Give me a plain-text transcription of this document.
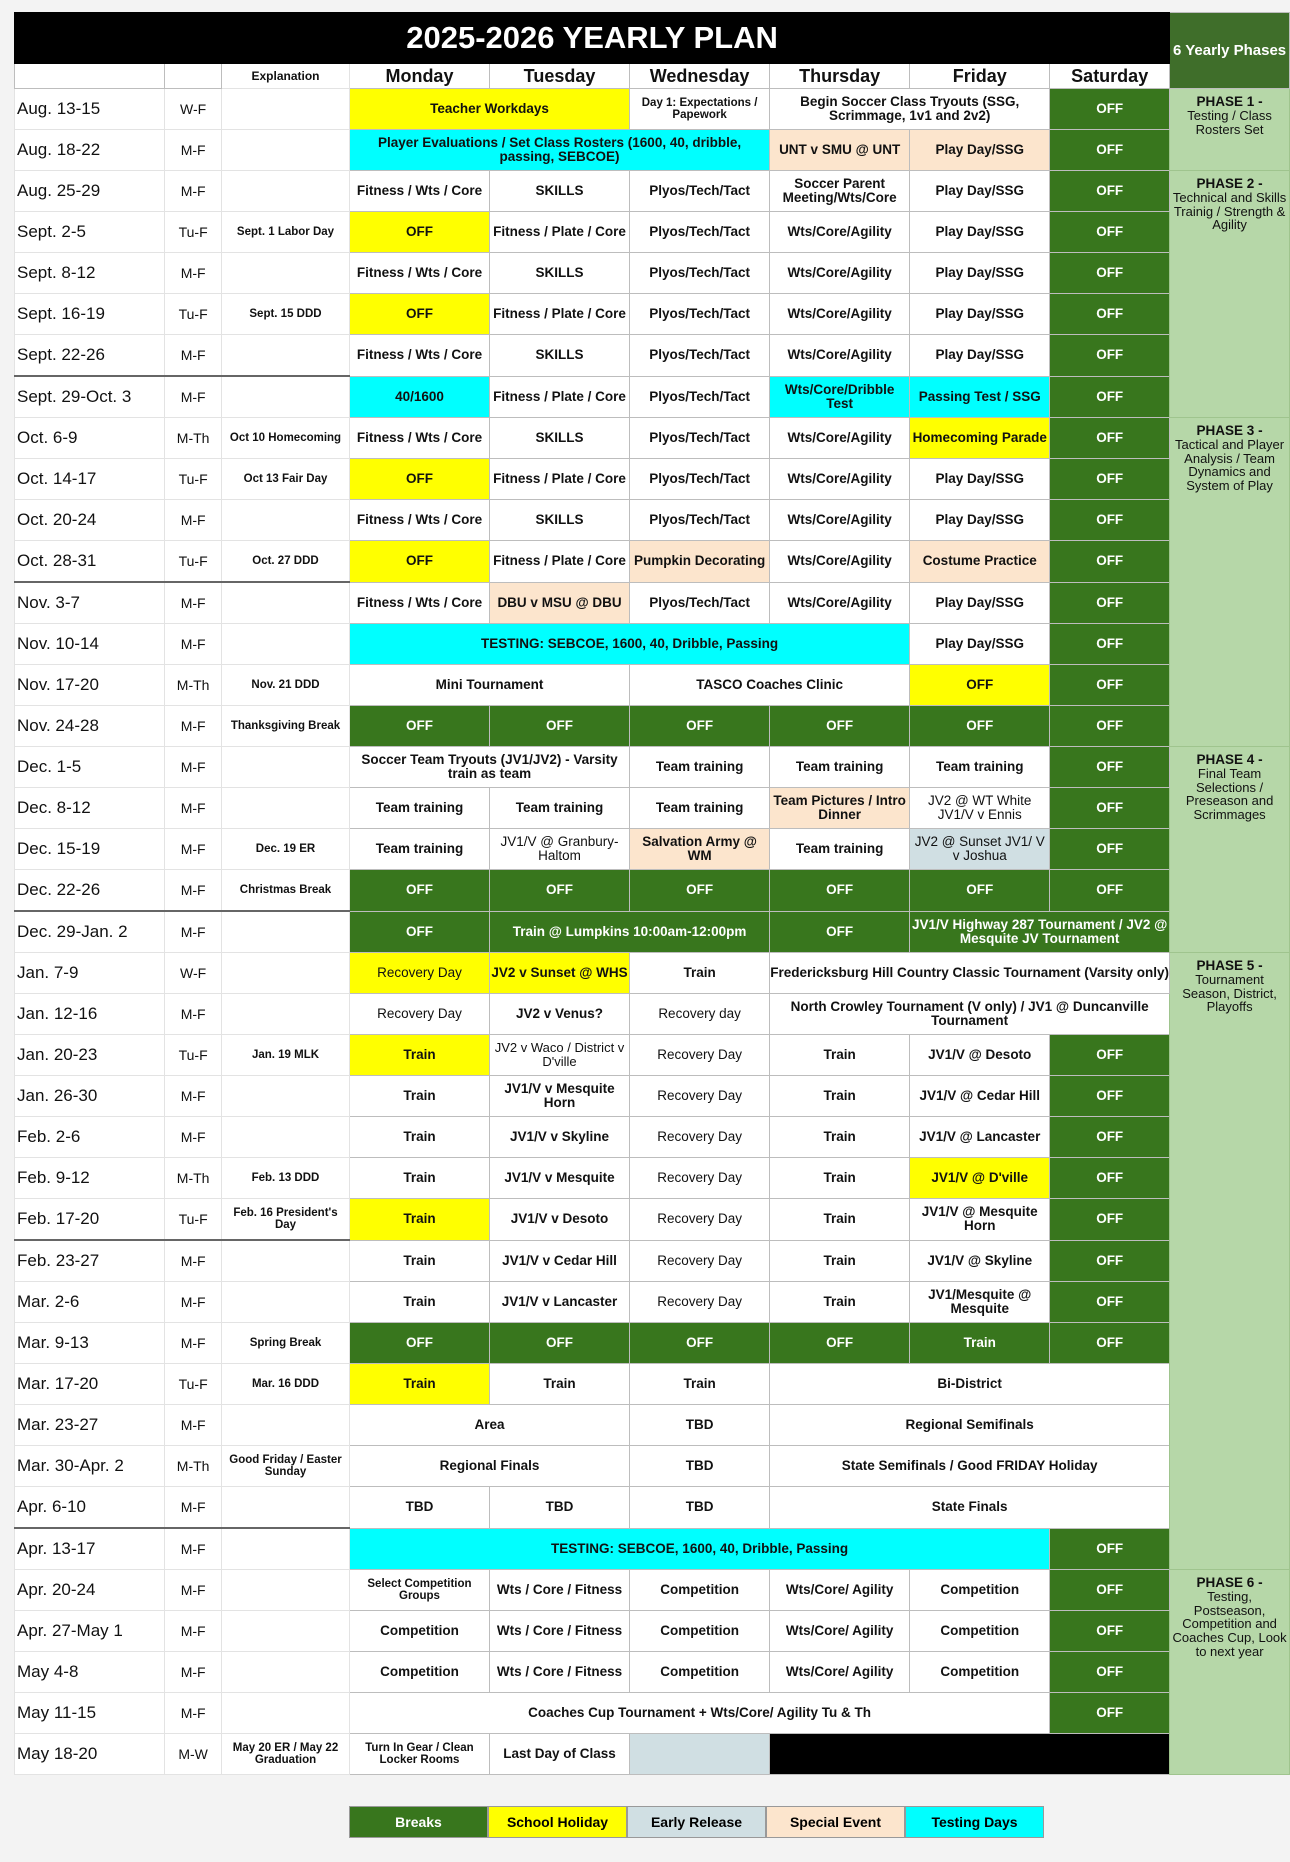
2025-2026 YEARLY PLAN									6 Yearly Phases
		Explanation	Monday	Tuesday	Wednesday	Thursday	Friday	Saturday	
Aug. 13-15	W-F		Teacher Workdays		Day 1: Expectations / Papework	Begin Soccer Class Tryouts (SSG, Scrimmage, 1v1 and 2v2)		OFF	PHASE 1 -
Testing / Class Rosters Set
Aug. 18-22	M-F		Player Evaluations / Set Class Rosters (1600, 40, dribble, passing, SEBCOE)			UNT v SMU @ UNT	Play Day/SSG	OFF	
Aug. 25-29	M-F		Fitness / Wts / Core	SKILLS	Plyos/Tech/Tact	Soccer Parent Meeting/Wts/Core	Play Day/SSG	OFF	PHASE 2 -
Technical and Skills Trainig / Strength & Agility
Sept. 2-5	Tu-F	Sept. 1 Labor Day	OFF	Fitness / Plate / Core	Plyos/Tech/Tact	Wts/Core/Agility	Play Day/SSG	OFF	
Sept. 8-12	M-F		Fitness / Wts / Core	SKILLS	Plyos/Tech/Tact	Wts/Core/Agility	Play Day/SSG	OFF	
Sept. 16-19	Tu-F	Sept. 15 DDD	OFF	Fitness / Plate / Core	Plyos/Tech/Tact	Wts/Core/Agility	Play Day/SSG	OFF	
Sept. 22-26	M-F		Fitness / Wts / Core	SKILLS	Plyos/Tech/Tact	Wts/Core/Agility	Play Day/SSG	OFF	
Sept. 29-Oct. 3	M-F		40/1600	Fitness / Plate / Core	Plyos/Tech/Tact	Wts/Core/Dribble Test	Passing Test / SSG	OFF	
Oct. 6-9	M-Th	Oct 10 Homecoming	Fitness / Wts / Core	SKILLS	Plyos/Tech/Tact	Wts/Core/Agility	Homecoming Parade	OFF	PHASE 3 -
Tactical and Player Analysis / Team Dynamics and System of Play
Oct. 14-17	Tu-F	Oct 13 Fair Day	OFF	Fitness / Plate / Core	Plyos/Tech/Tact	Wts/Core/Agility	Play Day/SSG	OFF	
Oct. 20-24	M-F		Fitness / Wts / Core	SKILLS	Plyos/Tech/Tact	Wts/Core/Agility	Play Day/SSG	OFF	
Oct. 28-31	Tu-F	Oct. 27 DDD	OFF	Fitness / Plate / Core	Pumpkin Decorating	Wts/Core/Agility	Costume Practice	OFF	
Nov. 3-7	M-F		Fitness / Wts / Core	DBU v MSU @ DBU	Plyos/Tech/Tact	Wts/Core/Agility	Play Day/SSG	OFF	
Nov. 10-14	M-F		TESTING: SEBCOE, 1600, 40, Dribble, Passing				Play Day/SSG	OFF	
Nov. 17-20	M-Th	Nov. 21 DDD	Mini Tournament		TASCO Coaches Clinic		OFF	OFF	
Nov. 24-28	M-F	Thanksgiving Break	OFF	OFF	OFF	OFF	OFF	OFF	
Dec. 1-5	M-F		Soccer Team Tryouts (JV1/JV2) - Varsity train as team		Team training	Team training	Team training	OFF	PHASE 4 -
Final Team Selections / Preseason and Scrimmages
Dec. 8-12	M-F		Team training	Team training	Team training	Team Pictures / Intro Dinner	JV2 @ WT White JV1/V v Ennis	OFF	
Dec. 15-19	M-F	Dec. 19 ER	Team training	JV1/V @ Granbury-Haltom	Salvation Army @ WM	Team training	JV2 @ Sunset JV1/ V v Joshua	OFF	
Dec. 22-26	M-F	Christmas Break	OFF	OFF	OFF	OFF	OFF	OFF	
Dec. 29-Jan. 2	M-F		OFF	Train @ Lumpkins 10:00am-12:00pm		OFF	JV1/V Highway 287 Tournament / JV2 @ Mesquite JV Tournament		
Jan. 7-9	W-F		Recovery Day	JV2 v Sunset @ WHS	Train	Fredericksburg Hill Country Classic Tournament (Varsity only)			PHASE 5 -
Tournament Season, District, Playoffs
Jan. 12-16	M-F		Recovery Day	JV2 v Venus?	Recovery day	North Crowley Tournament (V only) / JV1 @ Duncanville Tournament			
Jan. 20-23	Tu-F	Jan. 19 MLK	Train	JV2 v Waco / District v D'ville	Recovery Day	Train	JV1/V @ Desoto	OFF	
Jan. 26-30	M-F		Train	JV1/V v Mesquite Horn	Recovery Day	Train	JV1/V @ Cedar Hill	OFF	
Feb. 2-6	M-F		Train	JV1/V v Skyline	Recovery Day	Train	JV1/V @ Lancaster	OFF	
Feb. 9-12	M-Th	Feb. 13 DDD	Train	JV1/V v Mesquite	Recovery Day	Train	JV1/V @ D'ville	OFF	
Feb. 17-20	Tu-F	Feb. 16 President's Day	Train	JV1/V v Desoto	Recovery Day	Train	JV1/V @ Mesquite Horn	OFF	
Feb. 23-27	M-F		Train	JV1/V v Cedar Hill	Recovery Day	Train	JV1/V @ Skyline	OFF	
Mar. 2-6	M-F		Train	JV1/V v Lancaster	Recovery Day	Train	JV1/Mesquite @ Mesquite	OFF	
Mar. 9-13	M-F	Spring Break	OFF	OFF	OFF	OFF	Train	OFF	
Mar. 17-20	Tu-F	Mar. 16 DDD	Train	Train	Train	Bi-District			
Mar. 23-27	M-F		Area		TBD	Regional Semifinals			
Mar. 30-Apr. 2	M-Th	Good Friday / Easter Sunday	Regional Finals		TBD	State Semifinals / Good FRIDAY Holiday			
Apr. 6-10	M-F		TBD	TBD	TBD	State Finals			
Apr. 13-17	M-F		TESTING: SEBCOE, 1600, 40, Dribble, Passing					OFF	
Apr. 20-24	M-F		Select Competition Groups	Wts / Core / Fitness	Competition	Wts/Core/ Agility	Competition	OFF	PHASE 6 -
Testing, Postseason, Competition and Coaches Cup, Look to next year
Apr. 27-May 1	M-F		Competition	Wts / Core / Fitness	Competition	Wts/Core/ Agility	Competition	OFF	
May 4-8	M-F		Competition	Wts / Core / Fitness	Competition	Wts/Core/ Agility	Competition	OFF	
May 11-15	M-F		Coaches Cup Tournament + Wts/Core/ Agility Tu & Th					OFF	
May 18-20	M-W	May 20 ER / May 22 Graduation	Turn In Gear / Clean Locker Rooms	Last Day of Class					
Breaks	School Holiday	Early Release	Special Event	Testing Days
